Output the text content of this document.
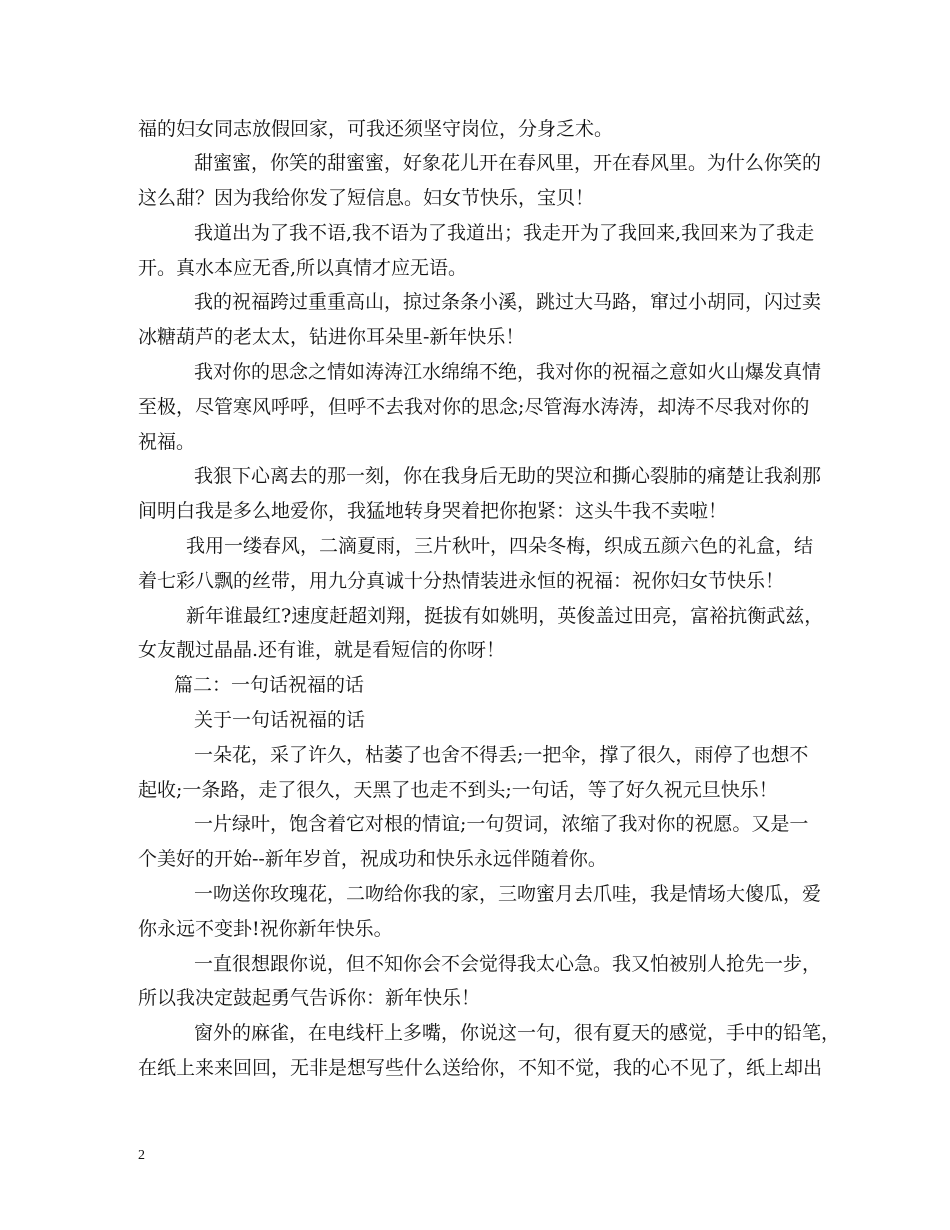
福的妇女同志放假回家，可我还须坚守岗位，分身乏术。
甜蜜蜜，你笑的甜蜜蜜，好象花儿开在春风里，开在春风里。为什么你笑的
这么甜？因为我给你发了短信息。妇女节快乐，宝贝！
我道出为了我不语,我不语为了我道出；我走开为了我回来,我回来为了我走
开。真水本应无香,所以真情才应无语。
我的祝福跨过重重高山，掠过条条小溪，跳过大马路，窜过小胡同，闪过卖
冰糖葫芦的老太太，钻进你耳朵里-新年快乐！
我对你的思念之情如涛涛江水绵绵不绝，我对你的祝福之意如火山爆发真情
至极，尽管寒风呼呼，但呼不去我对你的思念;尽管海水涛涛，却涛不尽我对你的
祝福。
我狠下心离去的那一刻，你在我身后无助的哭泣和撕心裂肺的痛楚让我刹那
间明白我是多么地爱你，我猛地转身哭着把你抱紧：这头牛我不卖啦！
我用一缕春风，二滴夏雨，三片秋叶，四朵冬梅，织成五颜六色的礼盒，结
着七彩八飘的丝带，用九分真诚十分热情装进永恒的祝福：祝你妇女节快乐！
新年谁最红?速度赶超刘翔，挺拔有如姚明，英俊盖过田亮，富裕抗衡武兹，
女友靓过晶晶.还有谁，就是看短信的你呀！
篇二：一句话祝福的话
关于一句话祝福的话
一朵花，采了许久，枯萎了也舍不得丢;一把伞，撑了很久，雨停了也想不
起收;一条路，走了很久，天黑了也走不到头;一句话，等了好久祝元旦快乐！
一片绿叶，饱含着它对根的情谊;一句贺词，浓缩了我对你的祝愿。又是一
个美好的开始--新年岁首，祝成功和快乐永远伴随着你。
一吻送你玫瑰花，二吻给你我的家，三吻蜜月去爪哇，我是情场大傻瓜，爱
你永远不变卦!祝你新年快乐。
一直很想跟你说，但不知你会不会觉得我太心急。我又怕被别人抢先一步，
所以我决定鼓起勇气告诉你：新年快乐！
窗外的麻雀，在电线杆上多嘴，你说这一句，很有夏天的感觉，手中的铅笔，
在纸上来来回回，无非是想写些什么送给你，不知不觉，我的心不见了，纸上却出
2
